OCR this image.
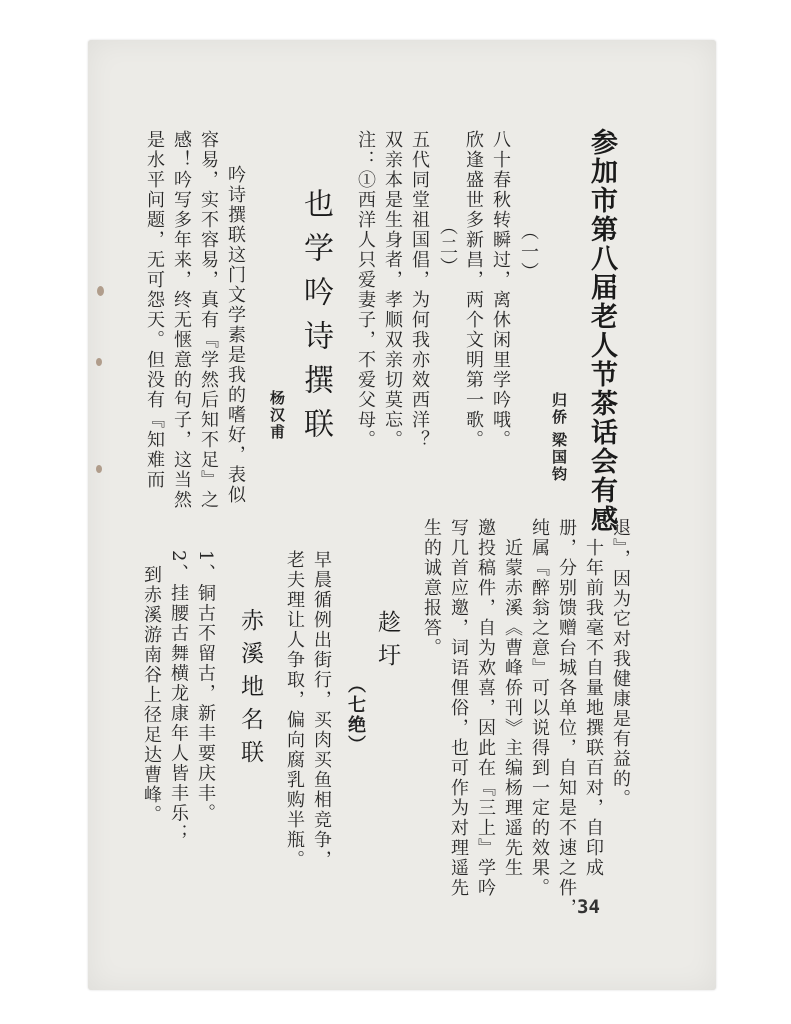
参加市第八届老人节茶话会有感
归侨
梁国钧
（一）
八十春秋转瞬过，离休闲里学吟哦。
欣逢盛世多新昌，两个文明第一歌。
（二）
五代同堂祖国倡，为何我亦效西洋？
双亲本是生身者，孝顺双亲切莫忘。
注：①西洋人只爱妻子，不爱父母。
也学吟诗撰联
杨汉甫
吟诗撰联这门文学素是我的嗜好，表似
容易，实不容易，真有『学然后知不足』之
感！吟写多年来，终无惬意的句子，这当然
是水平问题，无可怨天。但没有『知难而
退』，因为它对我健康是有益的。
十年前我毫不自量地撰联百对，自印成
册，分别馈赠台城各单位，自知是不速之件，
纯属『醉翁之意』可以说得到一定的效果。
近蒙赤溪《曹峰侨刊》主编杨理遥先生
邀投稿件，自为欢喜，因此在『三上』学吟
写几首应邀，词语俚俗，也可作为对理遥先
生的诚意报答。
趁圩
（七绝）
早晨循例出街行，买肉买鱼相竞争，
老夫理让人争取，偏向腐乳购半瓶。
赤溪地名联
1、铜古不留古，新丰要庆丰。
2、挂腰古舞横龙康年人皆丰乐；
到赤溪游南谷上径足达曹峰。
34
